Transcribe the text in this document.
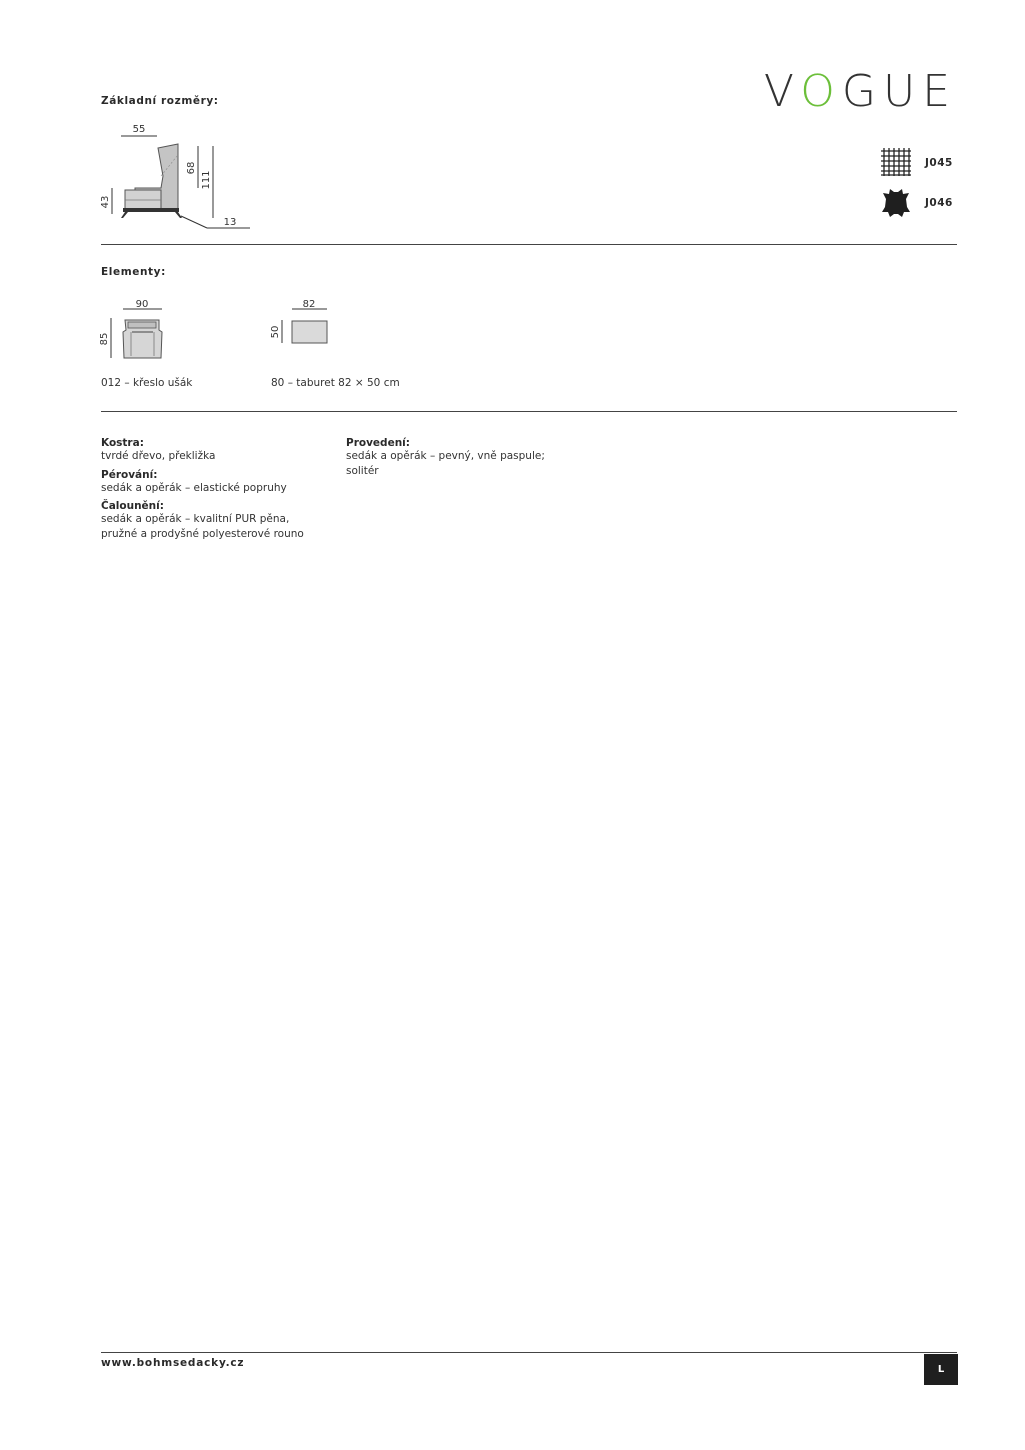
VOGUE
Základní rozměry:
55
68
111
43
13
J045
J046
Elementy:
90
85
012 – křeslo ušák
82
50
80 – taburet 82 × 50 cm
Kostra:
tvrdé dřevo, překližka
Pérování:
sedák a opěrák – elastické popruhy
Čalounění:
sedák a opěrák – kvalitní PUR pěna,
pružné a prodyšné polyesterové rouno
Provedení:
sedák a opěrák – pevný, vně paspule;
solitér
www.bohmsedacky.cz
L
